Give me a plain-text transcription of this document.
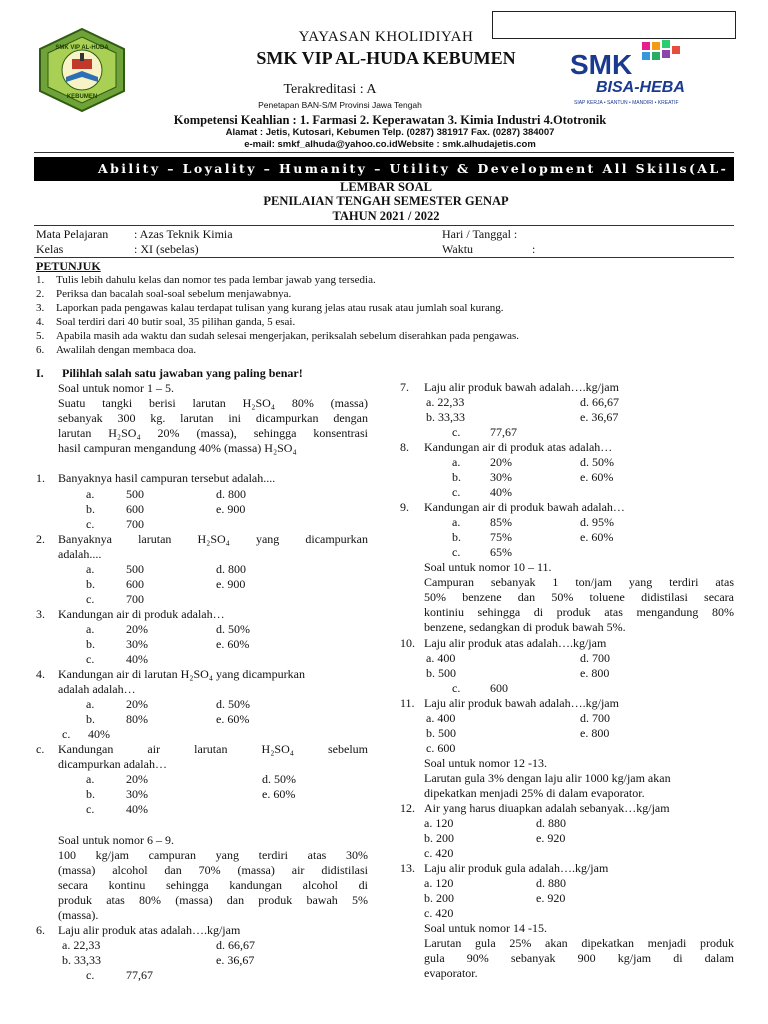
SMK VIP AL-HUDA
KEBUMEN
SMK
BISA-HEBAT
SIAP KERJA • SANTUN • MANDIRI • KREATIF
YAYASAN KHOLIDIYAH
SMK VIP AL-HUDA KEBUMEN
Terakreditasi : A
Penetapan BAN-S/M Provinsi Jawa Tengah
Kompetensi Keahlian : 1. Farmasi 2. Keperawatan 3. Kimia Industri 4.Ototronik
Alamat : Jetis, Kutosari, Kebumen Telp. (0287) 381917 Fax. (0287) 384007
e-mail: smkf_alhuda@yahoo.co.idWebsite : smk.alhudajetis.com
Ability – Loyality – Humanity – Utility & Development All Skills(AL-
LEMBAR SOAL
PENILAIAN TENGAH SEMESTER GENAP
TAHUN 2021 / 2022
Mata Pelajaran : Azas Teknik Kimia	Hari / Tanggal :
Kelas	: XI (sebelas)	Waktu	:
PETUNJUK
1. Tulis lebih dahulu kelas dan nomor tes pada lembar jawab yang tersedia.
2. Periksa dan bacalah soal-soal sebelum menjawabnya.
3. Laporkan pada pengawas kalau terdapat tulisan yang kurang jelas atau rusak atau jumlah soal kurang.
4. Soal terdiri dari 40 butir soal, 35 pilihan ganda, 5 esai.
5. Apabila masih ada waktu dan sudah selesai mengerjakan, periksalah sebelum diserahkan pada pengawas.
6. Awalilah dengan membaca doa.
I. Pilihlah salah satu jawaban yang paling benar!
Soal untuk nomor 1 – 5.
Suatu tangki berisi larutan H₂SO₄ 80% (massa)
sebanyak 300 kg. larutan ini dicampurkan dengan
larutan H₂SO₄ 20% (massa), sehingga konsentrasi
hasil campuran mengandung 40% (massa) H₂SO₄
1. Banyaknya hasil campuran tersebut adalah....
a.	500	d. 800
b.	600	e. 900
c.	700
2. Banyaknya larutan H₂SO₄ yang dicampurkan
adalah....
a.	500	d. 800
b.	600	e. 900
c.	700
3. Kandungan air di produk adalah…
a.	20%	d. 50%
b.	30%	e. 60%
c.	40%
4. Kandungan air di larutan H₂SO₄ yang dicampurkan
adalah adalah…
a.	20%	d. 50%
b.	80%	e. 60%
c. 40%
c. Kandungan air larutan H₂SO₄ sebelum
dicampurkan adalah…
a.	20%	d. 50%
b.	30%	e. 60%
c.	40%
Soal untuk nomor 6 – 9.
100 kg/jam campuran yang terdiri atas 30%
(massa) alcohol dan 70% (massa) air didistilasi
secara kontinu sehingga kandungan alcohol di
produk atas 80% (massa) dan produk bawah 5%
(massa).
6. Laju alir produk atas adalah….kg/jam
a. 22,33	d. 66,67
b. 33,33	e. 36,67
c.	77,67
7. Laju alir produk bawah adalah….kg/jam
a. 22,33	d. 66,67
b. 33,33	e. 36,67
c. 77,67
8. Kandungan air di produk atas adalah…
a. 20%	d. 50%
b. 30%	e. 60%
c. 40%
9. Kandungan air di produk bawah adalah…
a. 85%	d. 95%
b. 75%	e. 60%
c. 65%
Soal untuk nomor 10 – 11.
Campuran sebanyak 1 ton/jam yang terdiri atas
50% benzene dan 50% toluene didistilasi secara
kontiniu sehingga di produk atas mengandung 80%
benzene, sedangkan di produk bawah 5%.
10. Laju alir produk atas adalah….kg/jam
a. 400	d. 700
b. 500	e. 800
c. 600
11. Laju alir produk bawah adalah….kg/jam
a. 400	d. 700
b. 500	e. 800
c. 600
Soal untuk nomor 12 -13.
Larutan gula 3% dengan laju alir 1000 kg/jam akan
dipekatkan menjadi 25% di dalam evaporator.
12. Air yang harus diuapkan adalah sebanyak…kg/jam
a. 120	d. 880
b. 200	e. 920
c. 420
13. Laju alir produk gula adalah….kg/jam
a. 120	d. 880
b. 200	e. 920
c. 420
Soal untuk nomor 14 -15.
Larutan gula 25% akan dipekatkan menjadi produk
gula 90% sebanyak 900 kg/jam di dalam
evaporator.
